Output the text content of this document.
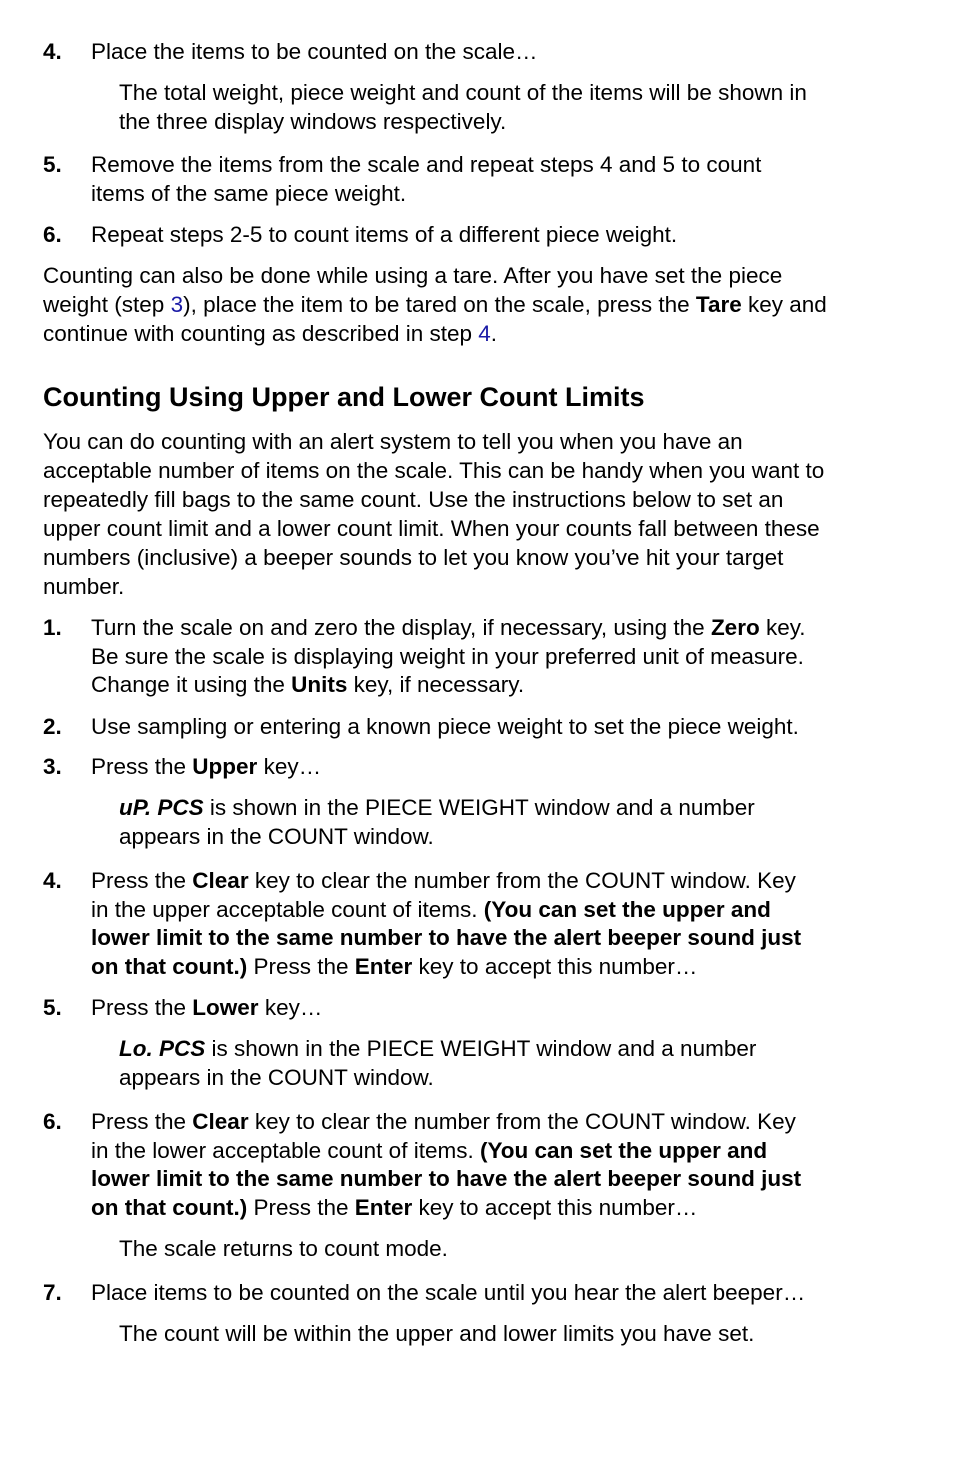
4. Place the items to be counted on the scale…
The total weight, piece weight and count of the items will be shown in
the three display windows respectively.
5. Remove the items from the scale and repeat steps 4 and 5 to count
items of the same piece weight.
6. Repeat steps 2-5 to count items of a different piece weight.
Counting can also be done while using a tare. After you have set the piece
weight (step 3), place the item to be tared on the scale, press the Tare key and
continue with counting as described in step 4.
Counting Using Upper and Lower Count Limits
You can do counting with an alert system to tell you when you have an
acceptable number of items on the scale. This can be handy when you want to
repeatedly fill bags to the same count. Use the instructions below to set an
upper count limit and a lower count limit. When your counts fall between these
numbers (inclusive) a beeper sounds to let you know you’ve hit your target
number.
1. Turn the scale on and zero the display, if necessary, using the Zero key.
Be sure the scale is displaying weight in your preferred unit of measure.
Change it using the Units key, if necessary.
2. Use sampling or entering a known piece weight to set the piece weight.
3. Press the Upper key…
uP. PCS is shown in the PIECE WEIGHT window and a number
appears in the COUNT window.
4. Press the Clear key to clear the number from the COUNT window. Key
in the upper acceptable count of items. (You can set the upper and
lower limit to the same number to have the alert beeper sound just
on that count.) Press the Enter key to accept this number…
5. Press the Lower key…
Lo. PCS is shown in the PIECE WEIGHT window and a number
appears in the COUNT window.
6. Press the Clear key to clear the number from the COUNT window. Key
in the lower acceptable count of items. (You can set the upper and
lower limit to the same number to have the alert beeper sound just
on that count.) Press the Enter key to accept this number…
The scale returns to count mode.
7. Place items to be counted on the scale until you hear the alert beeper…
The count will be within the upper and lower limits you have set.
